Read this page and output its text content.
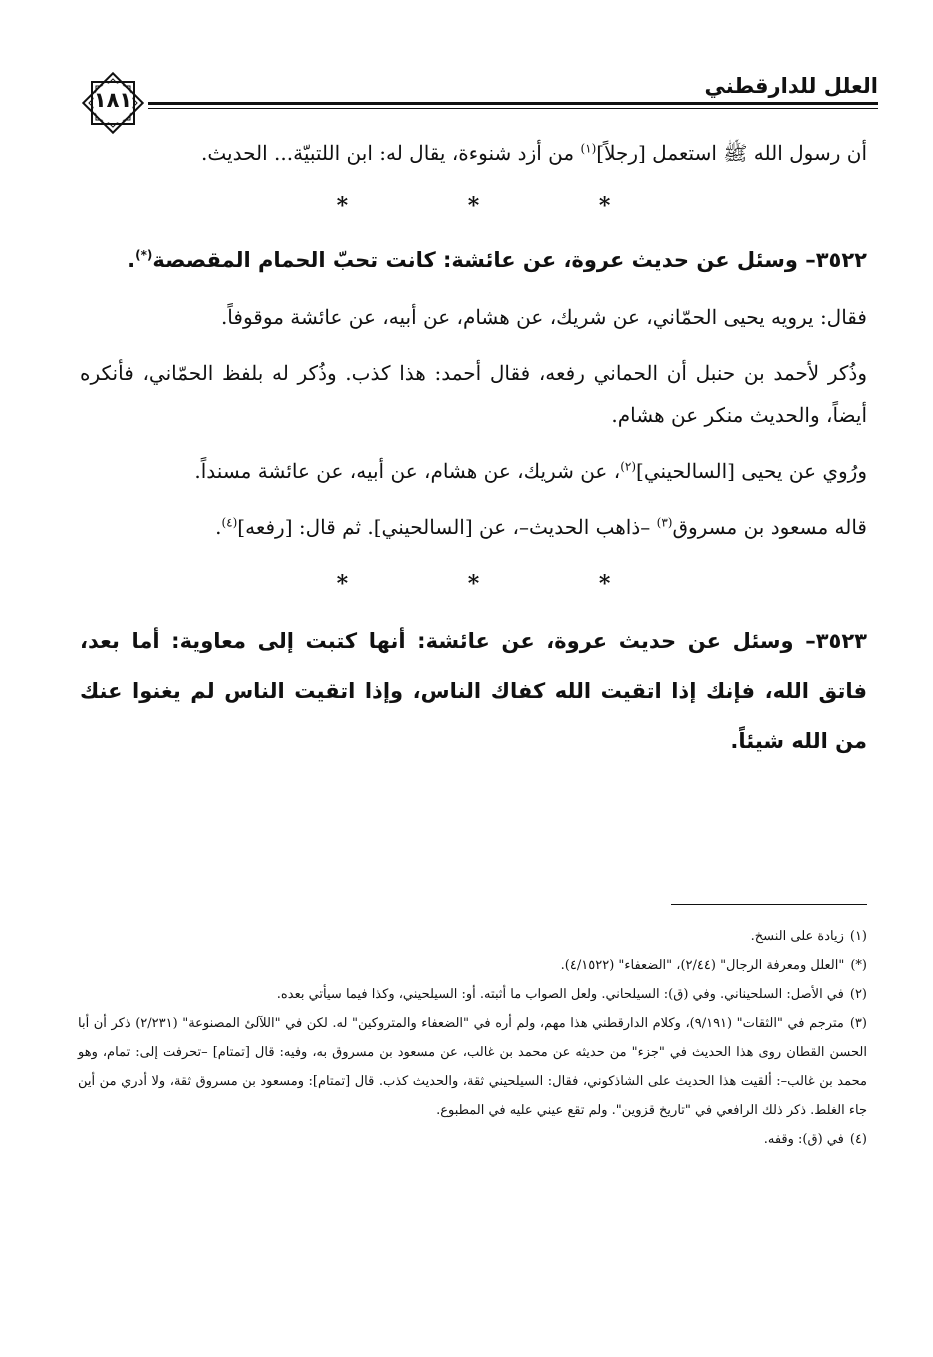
١٨١
العلل للدارقطني

أن رسول الله ﷺ استعمل [رجلاً]$^{(١)}$ من أزد شنوءة، يقال له: ابن اللتبيّة... الحديث.

* * *

٣٥٢٢– وسئل عن حديث عروة، عن عائشة: كانت تحبّ الحمام المقصصة(*).

فقال: يرويه يحيى الحمّاني، عن شريك، عن هشام، عن أبيه، عن عائشة موقوفاً.

وذُكر لأحمد بن حنبل أن الحماني رفعه، فقال أحمد: هذا كذب. وذُكر له بلفظ الحمّاني، فأنكره أيضاً، والحديث منكر عن هشام.

ورُوي عن يحيى [السالحيني]$^{(٢)}$، عن شريك، عن هشام، عن أبيه، عن عائشة مسنداً.

قاله مسعود بن مسروق$^{(٣)}$ –ذاهب الحديث–، عن [السالحيني]. ثم قال: [رفعه]$^{(٤)}$.

* * *

٣٥٢٣– وسئل عن حديث عروة، عن عائشة: أنها كتبت إلى معاوية: أما بعد، فاتق الله، فإنك إذا اتقيت الله كفاك الناس، وإذا اتقيت الناس لم يغنوا عنك من الله شيئاً.

(١)زيادة على النسخ.

(*)"العلل ومعرفة الرجال" (٢/٤٤)، "الضعفاء" (٤/١٥٢٢).

(٢)في الأصل: السلحيناني. وفي (ق): السيلحاني. ولعل الصواب ما أثبته. أو: السيلحيني، وكذا فيما سيأتي بعده.

(٣)مترجم في "الثقات" (٩/١٩١)، وكلام الدارقطني هذا مهم، ولم أره في "الضعفاء والمتروكين" له. لكن في "اللآلئ المصنوعة" (٢/٢٣١) ذكر أن أبا الحسن القطان روى هذا الحديث في "جزء" من حديثه عن محمد بن غالب، عن مسعود بن مسروق به، وفيه: قال [تمتام] –تحرفت إلى: تمام، وهو محمد بن غالب–: ألقيت هذا الحديث على الشاذكوني، فقال: السيلحيني ثقة، والحديث كذب. قال [تمتام]: ومسعود بن مسروق ثقة، ولا أدري من أين جاء الغلط. ذكر ذلك الرافعي في "تاريخ قزوين". ولم تقع عيني عليه في المطبوع.

(٤)في (ق): وقفه.
